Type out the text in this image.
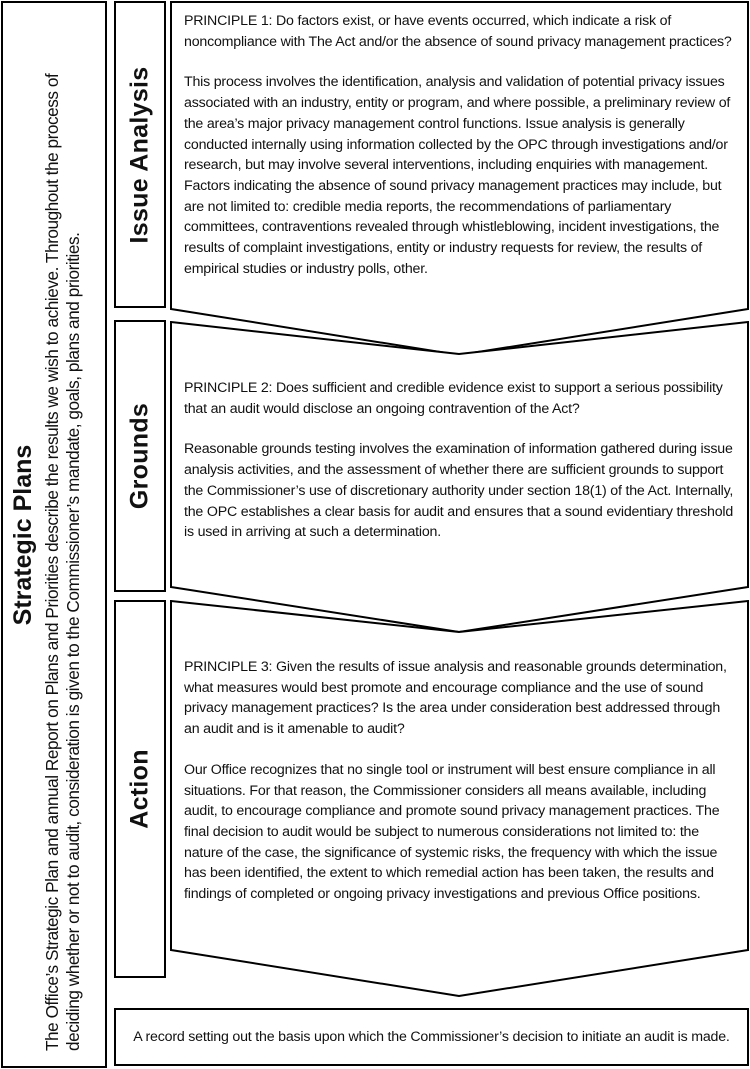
Strategic Plans The Office’s Strategic Plan and annual Report on Plans and Priorities describe the results we wish to achieve. Throughout the process of deciding whether or not to audit, consideration is given to the Commissioner’s mandate, goals, plans and priorities.
Issue Analysis
Grounds
Action

PRINCIPLE 1: Do factors exist, or have events occurred, which indicate a risk of noncompliance with The Act and/or the absence of sound privacy management practices?

This process involves the identification, analysis and validation of potential privacy issues associated with an industry, entity or program, and where possible, a preliminary review of the area’s major privacy management control functions. Issue analysis is generally conducted internally using information collected by the OPC through investigations and/or research, but may involve several interventions, including enquiries with management. Factors indicating the absence of sound privacy management practices may include, but are not limited to: credible media reports, the recommendations of parliamentary committees, contraventions revealed through whistleblowing, incident investigations, the results of complaint investigations, entity or industry requests for review, the results of empirical studies or industry polls, other.

PRINCIPLE 2: Does sufficient and credible evidence exist to support a serious possibility that an audit would disclose an ongoing contravention of the Act?

Reasonable grounds testing involves the examination of information gathered during issue analysis activities, and the assessment of whether there are sufficient grounds to support the Commissioner’s use of discretionary authority under section 18(1) of the Act. Internally, the OPC establishes a clear basis for audit and ensures that a sound evidentiary threshold is used in arriving at such a determination.

PRINCIPLE 3: Given the results of issue analysis and reasonable grounds determination, what measures would best promote and encourage compliance and the use of sound privacy management practices? Is the area under consideration best addressed through an audit and is it amenable to audit?

Our Office recognizes that no single tool or instrument will best ensure compliance in all situations. For that reason, the Commissioner considers all means available, including audit, to encourage compliance and promote sound privacy management practices. The final decision to audit would be subject to numerous considerations not limited to: the nature of the case, the significance of systemic risks, the frequency with which the issue has been identified, the extent to which remedial action has been taken, the results and findings of completed or ongoing privacy investigations and previous Office positions.

A record setting out the basis upon which the Commissioner’s decision to initiate an audit is made.
